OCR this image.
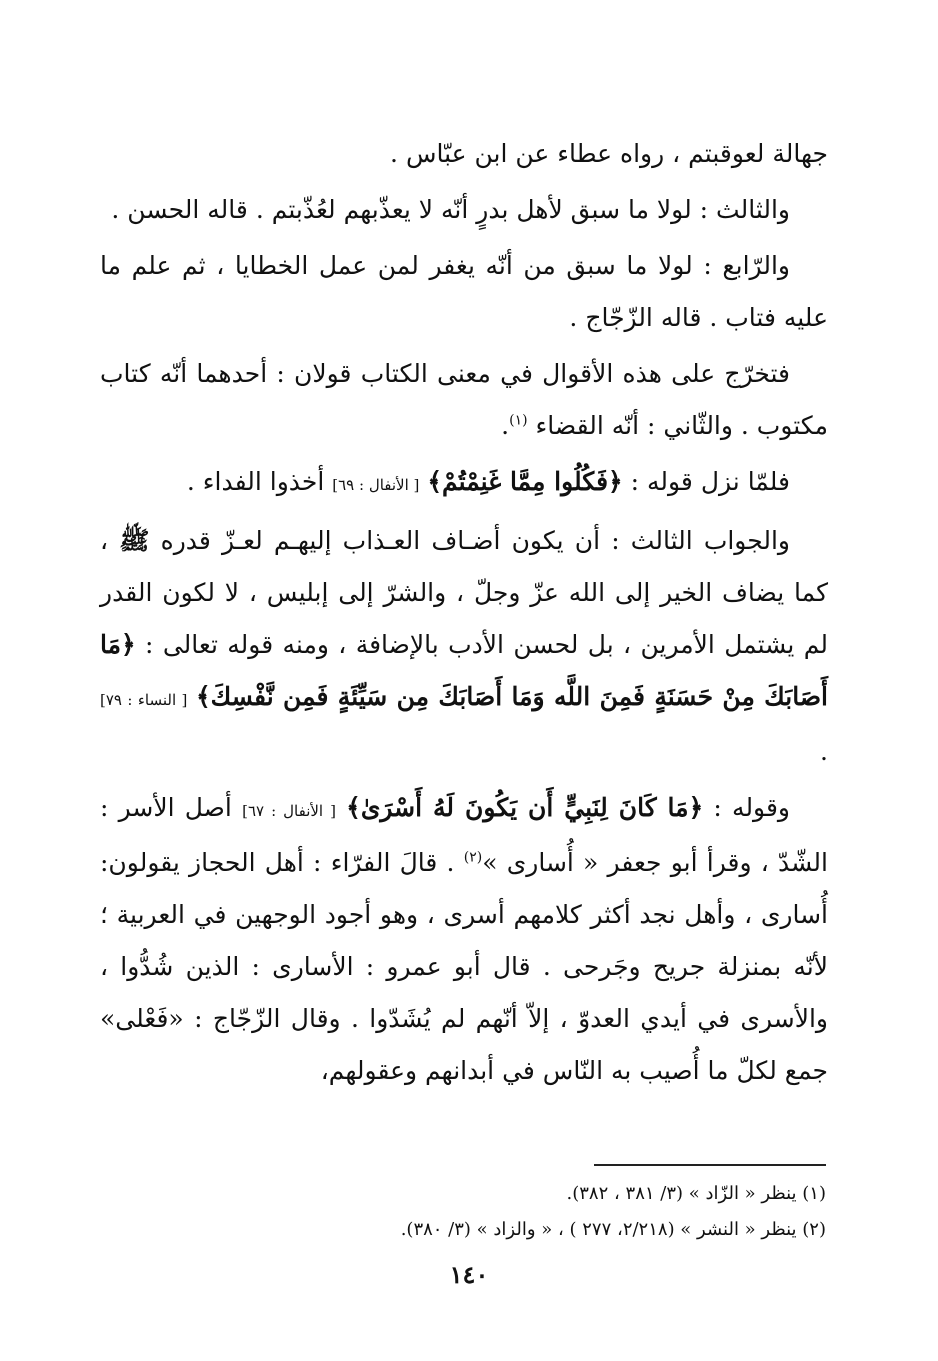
جهالة لعوقبتم ، رواه عطاء عن ابن عبّاس .

والثالث : لولا ما سبق لأهل بدرٍ أنّه لا يعذّبهم لعُذّبتم . قاله الحسن .

والرّابع : لولا ما سبق من أنّه يغفر لمن عمل الخطايا ، ثم علم ما عليه فتاب . قاله الزّجّاج .

فتخرّج على هذه الأقوال في معنى الكتاب قولان : أحدهما أنّه كتاب مكتوب . والثّاني : أنّه القضاء $^{(١)}$.

فلمّا نزل قوله : ﴿فَكُلُوا مِمَّا غَنِمْتُمْ﴾ [ الأنفال : ٦٩] أخذوا الفداء .

والجواب الثالث : أن يكون أضـاف العـذاب إليهـم لعـزّ قدره ﷺ ، كما يضاف الخير إلى الله عزّ وجلّ ، والشرّ إلى إبليس ، لا لكون القدر لم يشتمل الأمرين ، بل لحسن الأدب بالإضافة ، ومنه قوله تعالى : ﴿مَا أَصَابَكَ مِنْ حَسَنَةٍ فَمِنَ اللَّه وَمَا أَصَابَكَ مِن سَيِّئَةٍ فَمِن نَّفْسِكَ﴾ [ النساء : ٧٩] .

وقوله : ﴿مَا كَانَ لِنَبِيٍّ أَن يَكُونَ لَهُ أَسْرَىٰ﴾ [ الأنفال : ٦٧] أصل الأسر : الشّدّ ، وقرأ أبو جعفر « أُسارى »$^{(٢)}$ . قالَ الفرّاء : أهل الحجاز يقولون: أُسارى ، وأهل نجد أكثر كلامهم أسرى ، وهو أجود الوجهين في العربية ؛ لأنّه بمنزلة جريح وجَرحى . قال أبو عمرو : الأسارى : الذين شُدُّوا ، والأسرى في أيدي العدوّ ، إلاّ أنّهم لم يُشَدّوا . وقال الزّجّاج : «فَعْلى» جمع لكلّ ما أُصيب به النّاس في أبدانهم وعقولهم،

(١) ينظر « الزّاد » (٣/ ٣٨١ ، ٣٨٢).

(٢) ينظر « النشر » (٢/٢١٨، ٢٧٧ ) ، « والزاد » (٣/ ٣٨٠).

١٤٠
